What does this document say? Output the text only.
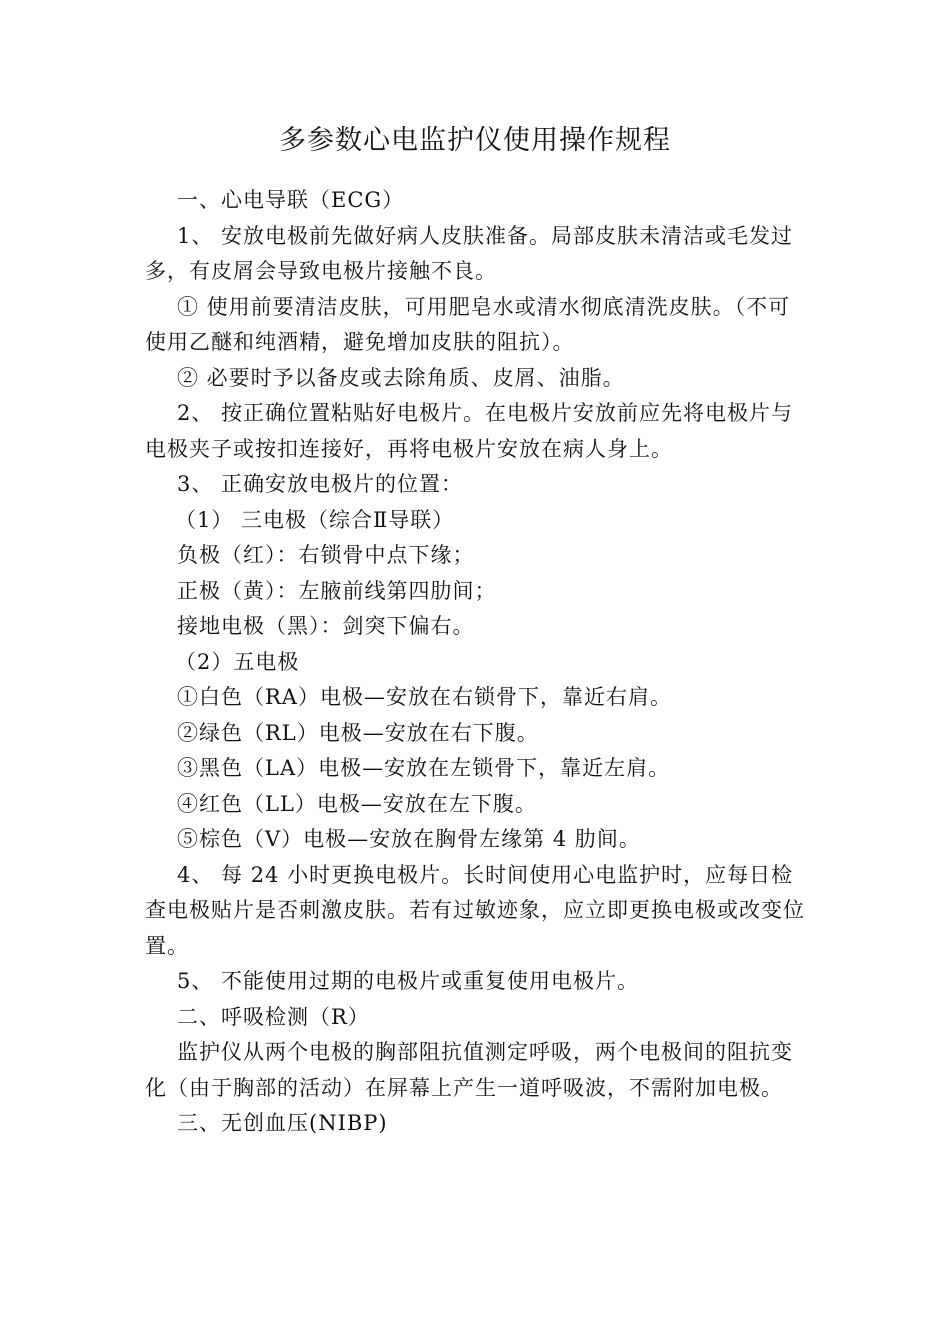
多参数心电监护仪使用操作规程

一、心电导联（ECG）

1、 安放电极前先做好病人皮肤准备。局部皮肤未清洁或毛发过多，有皮屑会导致电极片接触不良。

① 使用前要清洁皮肤，可用肥皂水或清水彻底清洗皮肤。（不可使用乙醚和纯酒精，避免增加皮肤的阻抗）。

② 必要时予以备皮或去除角质、皮屑、油脂。

2、 按正确位置粘贴好电极片。在电极片安放前应先将电极片与电极夹子或按扣连接好，再将电极片安放在病人身上。

3、 正确安放电极片的位置：

（1） 三电极（综合Ⅱ导联）

负极（红）：右锁骨中点下缘；

正极（黄）：左腋前线第四肋间；

接地电极（黑）：剑突下偏右。

（2）五电极

①白色（RA）电极—安放在右锁骨下，靠近右肩。

②绿色（RL）电极—安放在右下腹。

③黑色（LA）电极—安放在左锁骨下，靠近左肩。

④红色（LL）电极—安放在左下腹。

⑤棕色（V）电极—安放在胸骨左缘第 4 肋间。

4、 每 24 小时更换电极片。长时间使用心电监护时，应每日检查电极贴片是否刺激皮肤。若有过敏迹象，应立即更换电极或改变位置。

5、 不能使用过期的电极片或重复使用电极片。

二、呼吸检测（R）

监护仪从两个电极的胸部阻抗值测定呼吸，两个电极间的阻抗变化（由于胸部的活动）在屏幕上产生一道呼吸波，不需附加电极。

三、无创血压(NIBP)
